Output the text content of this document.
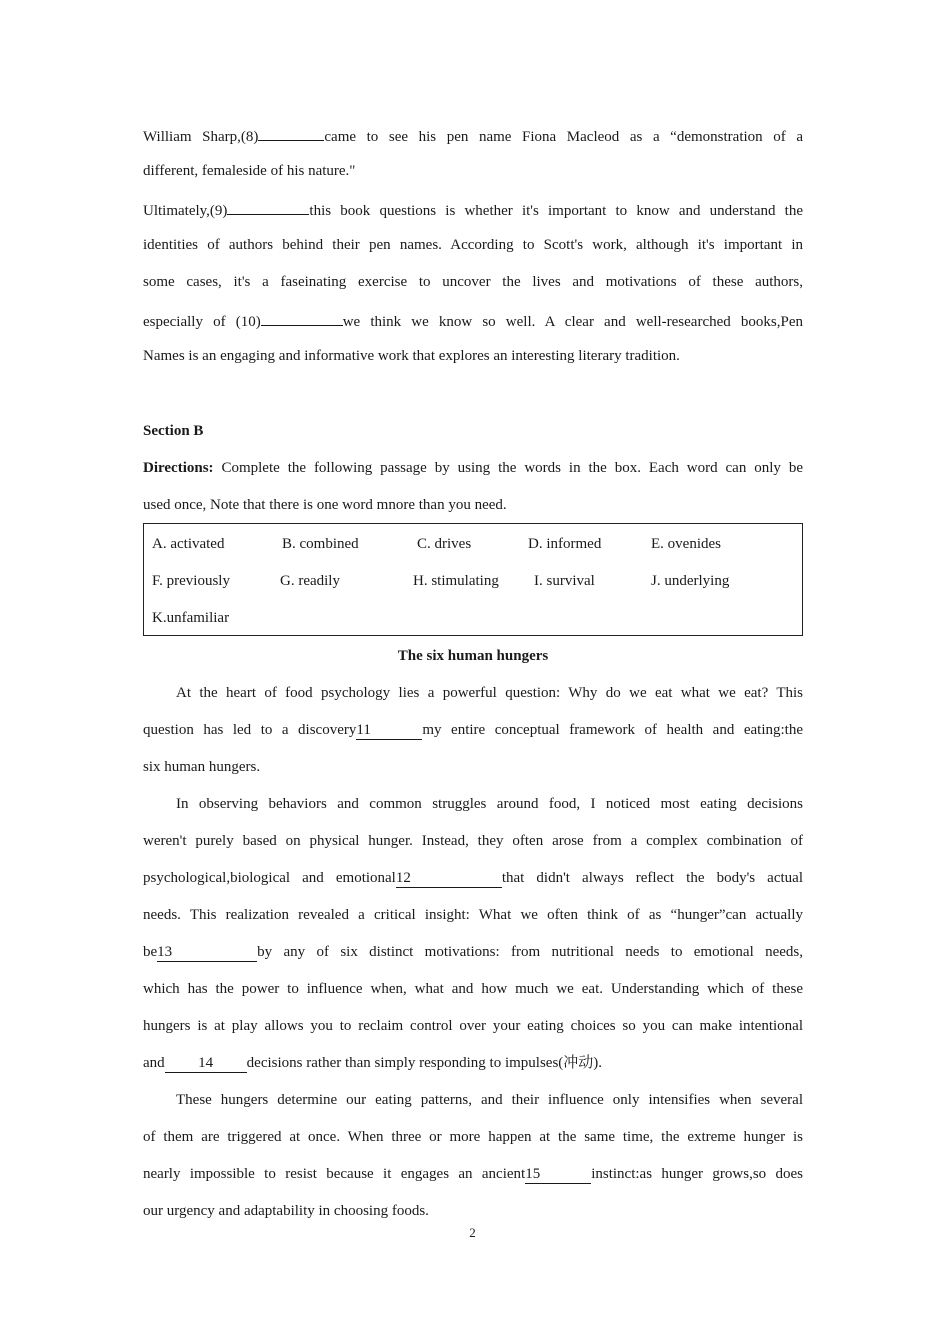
William Sharp,(8)	came to see his pen name Fiona Macleod as a “demonstration of a
different, femaleside of his nature."
Ultimately,(9)	this book questions is whether it's important to know and understand the
identities of authors behind their pen names. According to Scott's work, although it's important in
some cases, it's a faseinating exercise to uncover the lives and motivations of these authors,
especially of (10)	we think we know so well. A clear and well-researched books,Pen
Names is an engaging and informative work that explores an interesting literary tradition.
Section B
Directions: Complete the following passage by using the words in the box. Each word can only be
used once, Note that there is one word mnore than you need.
A. activated	B. combined	C. drives	D. informed	E. ovenides
F. previously	G. readily	H. stimulating I. survival	J. underlying
K.unfamiliar
The six human hungers
At the heart of food psychology lies a powerful question: Why do we eat what we eat? This
question has led to a discovery11	my entire conceptual framework of health and eating:the
six human hungers.
In observing behaviors and common struggles around food, I noticed most eating decisions
weren't purely based on physical hunger. Instead, they often arose from a complex combination of
psychological,biological and emotional12	that didn't always reflect the body's actual
needs. This realization revealed a critical insight: What we often think of as “hunger”can actually
be13	by any of six distinct motivations: from nutritional needs to emotional needs,
which has the power to influence when, what and how much we eat. Understanding which of these
hungers is at play allows you to reclaim control over your eating choices so you can make intentional
and 14 decisions rather than simply responding to impulses(冲动).
These hungers determine our eating patterns, and their influence only intensifies when several
of them are triggered at once. When three or more happen at the same time, the extreme hunger is
nearly impossible to resist because it engages an ancient15	instinct:as hunger grows,so does
our urgency and adaptability in choosing foods.
2
